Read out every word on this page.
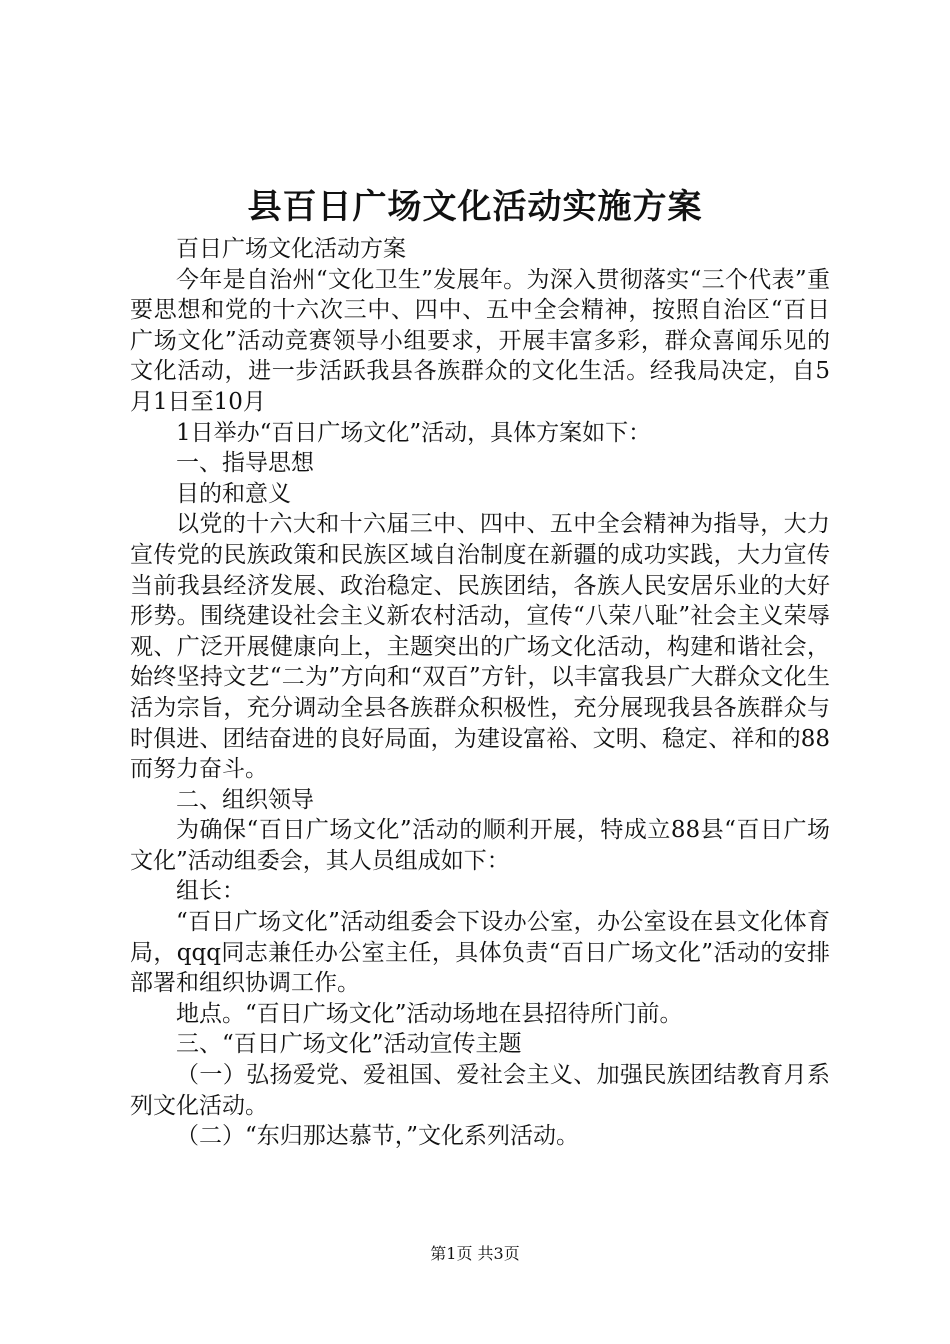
县百日广场文化活动实施方案

百日广场文化活动方案

今年是自治州“文化卫生”发展年。为深入贯彻落实“三个代表”重要思想和党的十六次三中、四中、五中全会精神，按照自治区“百日广场文化”活动竞赛领导小组要求，开展丰富多彩，群众喜闻乐见的文化活动，进一步活跃我县各族群众的文化生活。经我局决定，自5月1日至10月

1日举办“百日广场文化”活动，具体方案如下：

一、指导思想

目的和意义

以党的十六大和十六届三中、四中、五中全会精神为指导，大力宣传党的民族政策和民族区域自治制度在新疆的成功实践，大力宣传当前我县经济发展、政治稳定、民族团结，各族人民安居乐业的大好形势。围绕建设社会主义新农村活动，宣传“八荣八耻”社会主义荣辱观、广泛开展健康向上，主题突出的广场文化活动，构建和谐社会，始终坚持文艺“二为”方向和“双百”方针，以丰富我县广大群众文化生活为宗旨，充分调动全县各族群众积极性，充分展现我县各族群众与时俱进、团结奋进的良好局面，为建设富裕、文明、稳定、祥和的88而努力奋斗。

二、组织领导

为确保“百日广场文化”活动的顺利开展，特成立88县“百日广场文化”活动组委会，其人员组成如下：

组长：

“百日广场文化”活动组委会下设办公室，办公室设在县文化体育局，qqq同志兼任办公室主任，具体负责“百日广场文化”活动的安排部署和组织协调工作。

地点。“百日广场文化”活动场地在县招待所门前。

三、“百日广场文化”活动宣传主题

（一）弘扬爱党、爱祖国、爱社会主义、加强民族团结教育月系列文化活动。

（二）“东归那达慕节，”文化系列活动。

第1页 共3页
